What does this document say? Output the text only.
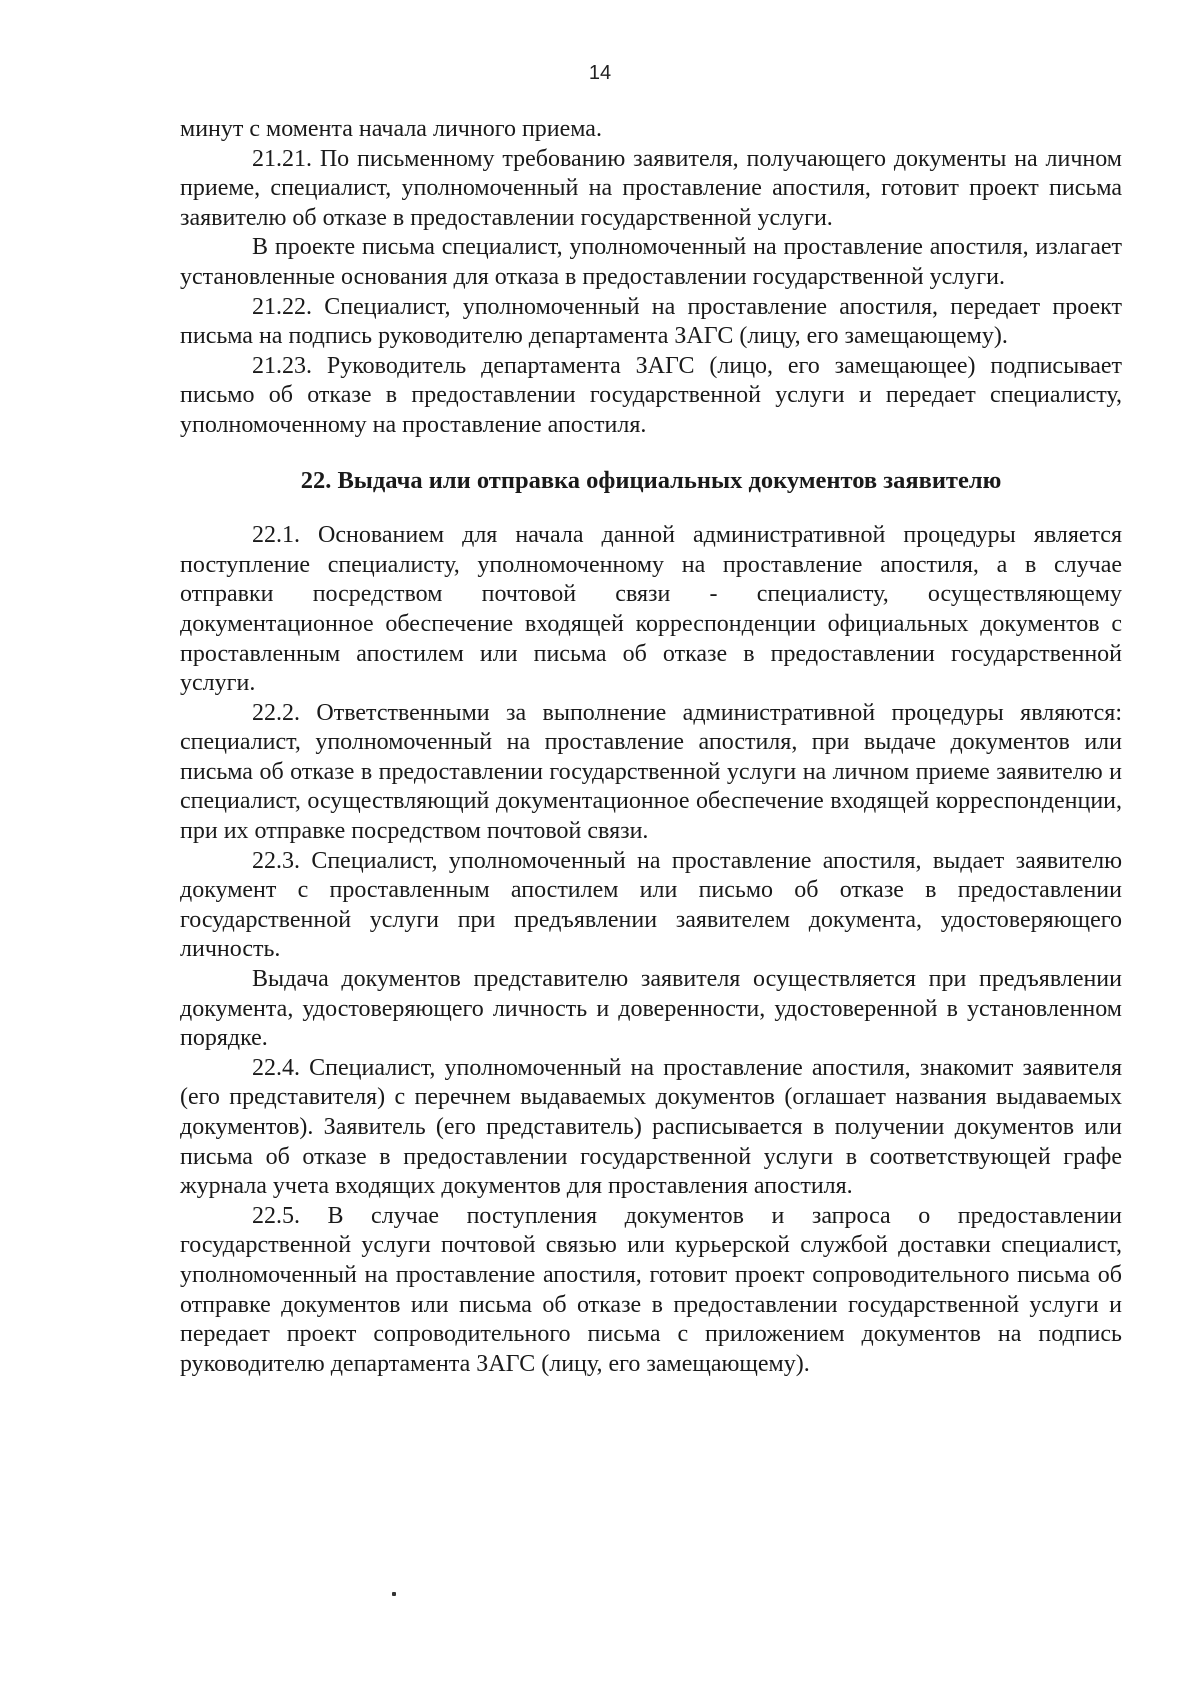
14

минут с момента начала личного приема.

21.21. По письменному требованию заявителя, получающего документы на личном приеме, специалист, уполномоченный на проставление апостиля, готовит проект письма заявителю об отказе в предоставлении государственной услуги.

В проекте письма специалист, уполномоченный на проставление апостиля, излагает установленные основания для отказа в предоставлении государственной услуги.

21.22. Специалист, уполномоченный на проставление апостиля, передает проект письма на подпись руководителю департамента ЗАГС (лицу, его замещающему).

21.23. Руководитель департамента ЗАГС (лицо, его замещающее) подписывает письмо об отказе в предоставлении государственной услуги и передает специалисту, уполномоченному на проставление апостиля.

22. Выдача или отправка официальных документов заявителю

22.1. Основанием для начала данной административной процедуры является поступление специалисту, уполномоченному на проставление апостиля, а в случае отправки посредством почтовой связи - специалисту, осуществляющему документационное обеспечение входящей корреспонденции официальных документов с проставленным апостилем или письма об отказе в предоставлении государственной услуги.

22.2. Ответственными за выполнение административной процедуры являются: специалист, уполномоченный на проставление апостиля, при выдаче документов или письма об отказе в предоставлении государственной услуги на личном приеме заявителю и специалист, осуществляющий документационное обеспечение входящей корреспонденции, при их отправке посредством почтовой связи.

22.3. Специалист, уполномоченный на проставление апостиля, выдает заявителю документ с проставленным апостилем или письмо об отказе в предоставлении государственной услуги при предъявлении заявителем документа, удостоверяющего личность.

Выдача документов представителю заявителя осуществляется при предъявлении документа, удостоверяющего личность и доверенности, удостоверенной в установленном порядке.

22.4. Специалист, уполномоченный на проставление апостиля, знакомит заявителя (его представителя) с перечнем выдаваемых документов (оглашает названия выдаваемых документов). Заявитель (его представитель) расписывается в получении документов или письма об отказе в предоставлении государственной услуги в соответствующей графе журнала учета входящих документов для проставления апостиля.

22.5. В случае поступления документов и запроса о предоставлении государственной услуги почтовой связью или курьерской службой доставки специалист, уполномоченный на проставление апостиля, готовит проект сопроводительного письма об отправке документов или письма об отказе в предоставлении государственной услуги и передает проект сопроводительного письма с приложением документов на подпись руководителю департамента ЗАГС (лицу, его замещающему).
